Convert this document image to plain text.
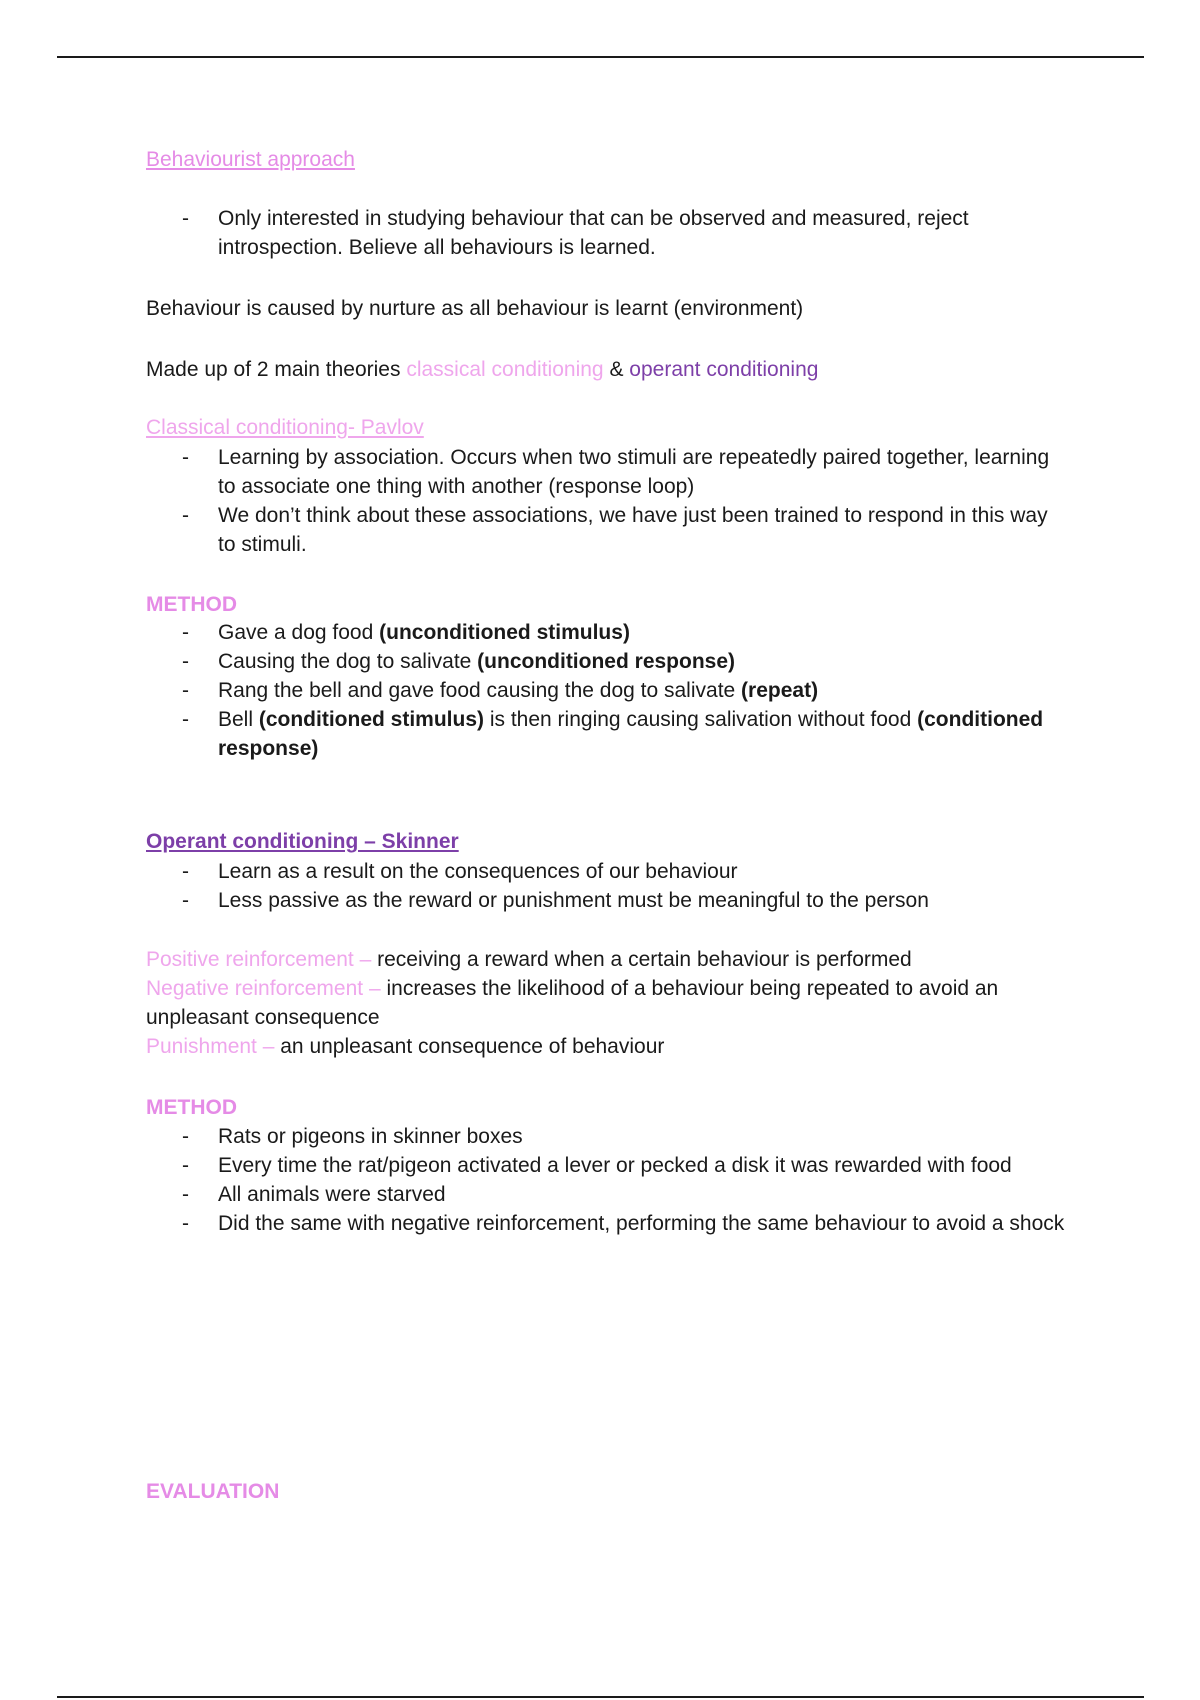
Behaviourist approach
- Only interested in studying behaviour that can be observed and measured, reject introspection. Believe all behaviours is learned.

Behaviour is caused by nurture as all behaviour is learnt (environment)

Made up of 2 main theories classical conditioning & operant conditioning

Classical conditioning- Pavlov
- Learning by association. Occurs when two stimuli are repeatedly paired together, learning to associate one thing with another (response loop)
- We don’t think about these associations, we have just been trained to respond in this way to stimuli.
METHOD
- Gave a dog food (unconditioned stimulus)
- Causing the dog to salivate (unconditioned response)
- Rang the bell and gave food causing the dog to salivate (repeat)
- Bell (conditioned stimulus) is then ringing causing salivation without food (conditioned response)
Operant conditioning – Skinner
- Learn as a result on the consequences of our behaviour
- Less passive as the reward or punishment must be meaningful to the person
Positive reinforcement – receiving a reward when a certain behaviour is performed
Negative reinforcement – increases the likelihood of a behaviour being repeated to avoid an unpleasant consequence
Punishment – an unpleasant consequence of behaviour
METHOD
- Rats or pigeons in skinner boxes
- Every time the rat/pigeon activated a lever or pecked a disk it was rewarded with food
- All animals were starved
- Did the same with negative reinforcement, performing the same behaviour to avoid a shock
EVALUATION
